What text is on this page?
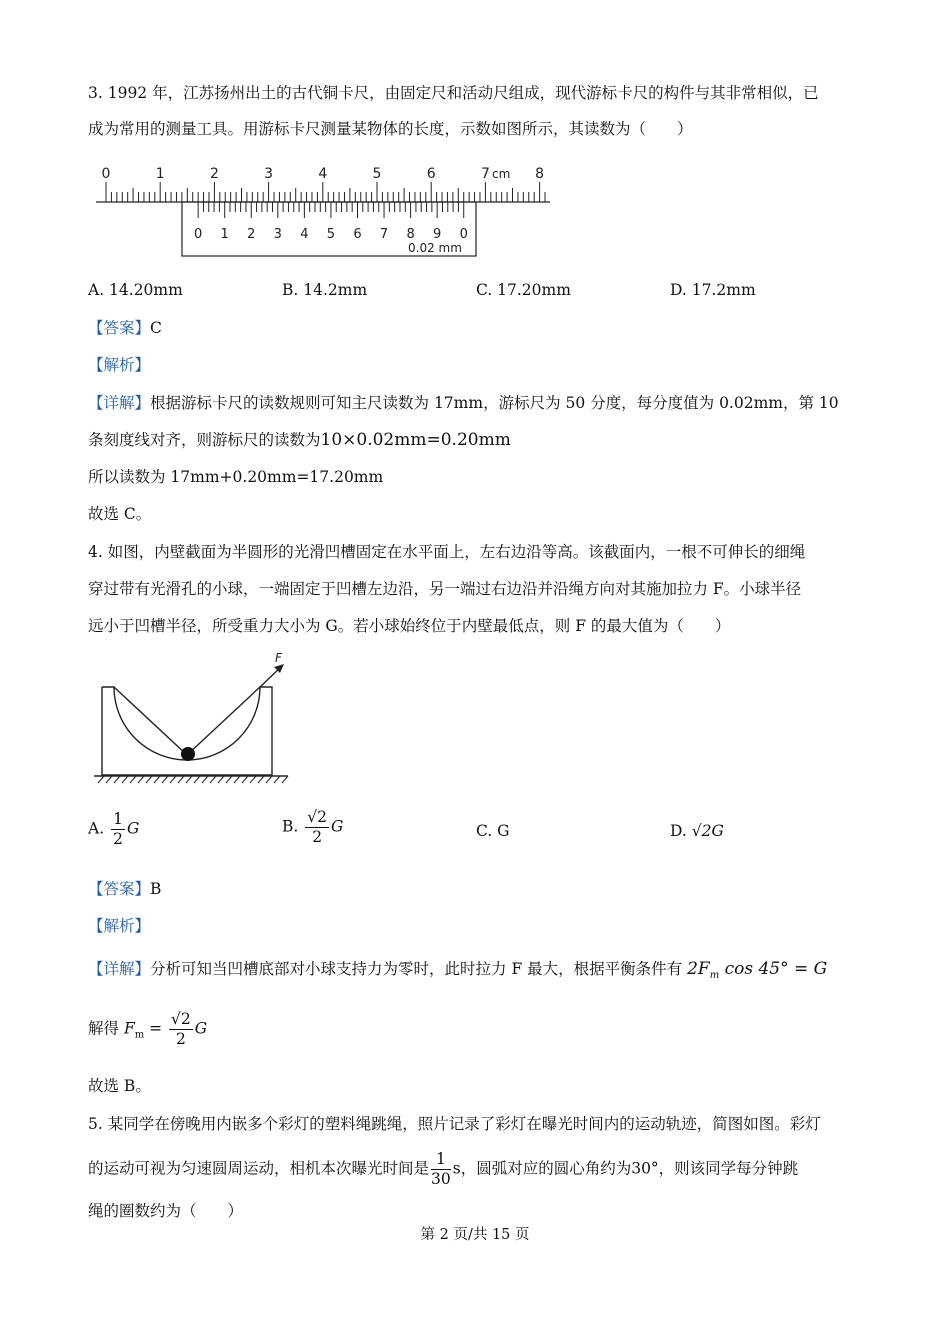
3. 1992 年，江苏扬州出土的古代铜卡尺，由固定尺和活动尺组成，现代游标卡尺的构件与其非常相似，已
成为常用的测量工具。用游标卡尺测量某物体的长度，示数如图所示，其读数为（　　）
0	1	2	3	4	5	6	7	8
cm
0 1 2 3 4 5 6 7 8 9 0
0.02 mm
A. 14.20mm	B. 14.2mm	C. 17.20mm	D. 17.2mm
【答案】C
【解析】
【详解】根据游标卡尺的读数规则可知主尺读数为 17mm，游标尺为 50 分度，每分度值为 0.02mm，第 10
条刻度线对齐，则游标尺的读数为10×0.02mm=0.20mm
所以读数为 17mm+0.20mm=17.20mm
故选 C。
4. 如图，内壁截面为半圆形的光滑凹槽固定在水平面上，左右边沿等高。该截面内，一根不可伸长的细绳
穿过带有光滑孔的小球，一端固定于凹槽左边沿，另一端过右边沿并沿绳方向对其施加拉力 F。小球半径
远小于凹槽半径，所受重力大小为 G。若小球始终位于内壁最低点，则 F 的最大值为（　　）
F
A. $\frac{1}{2}$ G	B. $\frac{√2}{2}$ G	C. G	D. √2G
【答案】B
【解析】
【详解】分析可知当凹槽底部对小球支持力为零时，此时拉力 F 最大，根据平衡条件有 $2F_m$ cos 45° = G
解得 $F_m = \frac{√2}{2}$ G
故选 B。
5. 某同学在傍晚用内嵌多个彩灯的塑料绳跳绳，照片记录了彩灯在曝光时间内的运动轨迹，简图如图。彩灯
的运动可视为匀速圆周运动，相机本次曝光时间是 $\frac{1}{30}$ s，圆弧对应的圆心角约为30°，则该同学每分钟跳
绳的圈数约为（　　）
第 2 页/共 15 页
